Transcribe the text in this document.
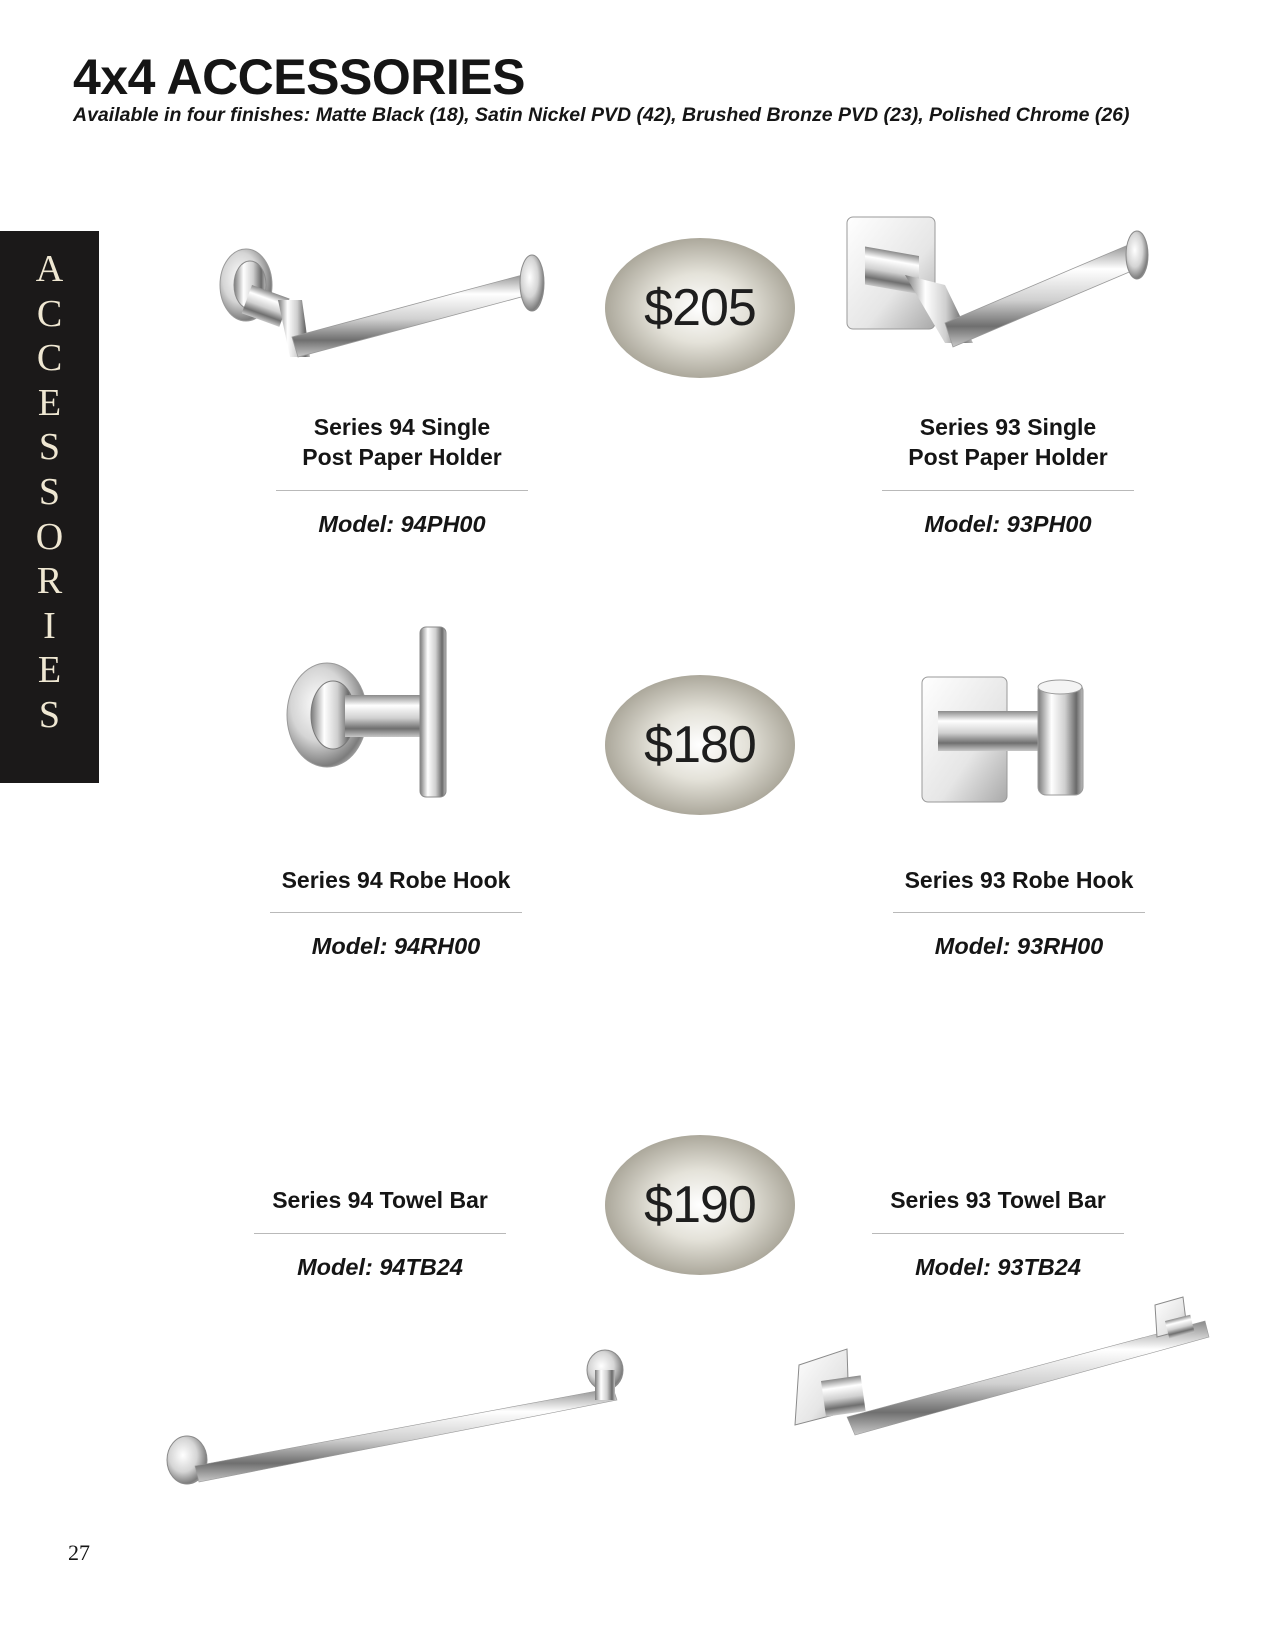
4x4 ACCESSORIES
Available in four finishes: Matte Black (18), Satin Nickel PVD (42), Brushed Bronze PVD (23), Polished Chrome (26)
A
C
C
E
S
S
O
R
I
E
S
$205
$180
$190
Series 94 Single
Post Paper Holder
Model: 94PH00
Series 93 Single
Post Paper Holder
Model: 93PH00
Series 94 Robe Hook
Model: 94RH00
Series 93 Robe Hook
Model: 93RH00
Series 94 Towel Bar
Model: 94TB24
Series 93 Towel Bar
Model: 93TB24
27
